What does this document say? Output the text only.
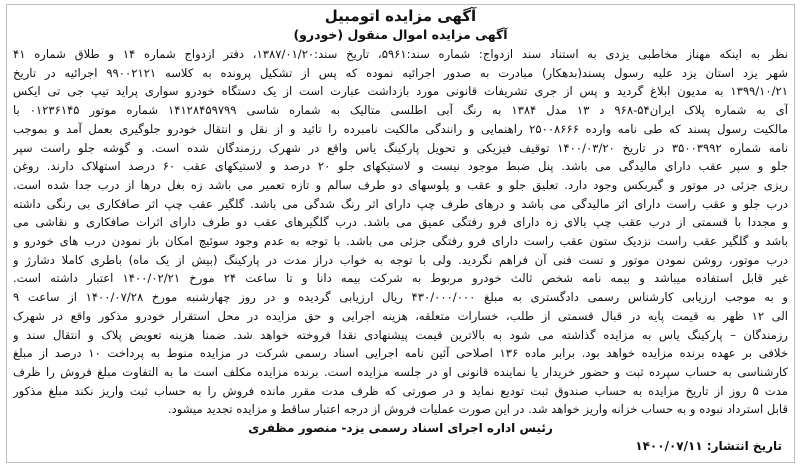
آگهی مزایده اتومبیل
آگهی مزایده اموال منقول (خودرو)
نظر به اینکه مهناز مخاطبی یزدی به استناد سند ازدواج: شماره سند:۵۹۶۱، تاریخ سند:۱۳۸۷/۰۱/۲۰، دفتر ازدواج شماره ۱۴ و طلاق شماره ۴۱
شهر یزد استان یزد علیه رسول پسند(بدهکار) مبادرت به صدور اجرائیه نموده که پس از تشکیل پرونده به کلاسه ۹۹۰۰۲۱۲۱ اجرائیه در تاریخ
۱۳۹۹/۱۰/۲۱ به مدیون ابلاغ گردید و پس از جری تشریفات قانونی مورد بازداشت عبارت است از یک دستگاه خودرو سواری پراید تیپ جی تی ایکس
آی به شماره پلاک ایران۵۴-۹۶۸ د ۱۳ مدل ۱۳۸۴ به رنگ آبی اطلسی متالیک به شماره شاسی ۱۴۱۲۸۴۵۹۷۹۹ شماره موتور ۰۱۲۳۶۱۴۵ با
مالکیت رسول پسند که طی نامه وارده ۲۵۰۰۸۶۶۶ راهنمایی و رانندگی مالکیت نامبرده را تائید و از نقل و انتقال خودرو جلوگیری بعمل آمد و بموجب
نامه شماره ۳۵۰۰۳۹۹۲ در تاریخ ۱۴۰۰/۰۳/۲۰ توقیف فیزیکی و تحویل پارکینگ یاس واقع در شهرک رزمندگان شده است. و گوشه جلو راست سپر
جلو و سپر عقب دارای مالیدگی می باشد. پنل ضبط موجود نیست و لاستیکهای جلو ۲۰ درصد و لاستیکهای عقب ۶۰ درصد استهلاک دارند. روغن
ریزی جزئی در موتور و گیربکس وجود دارد. تعلیق جلو و عقب و پلوسهای دو طرف سالم و تازه تعمیر می باشد زه بغل درها از درب جدا شده است.
درب جلو و عقب راست دارای اثر مالیدگی می باشد و درهای طرف چپ دارای اثر رنگ شدگی می باشد. گلگیر عقب چپ اثر صافکاری بی رنگی داشته
و مجددا با قسمتی از درب عقب چپ بالای زه دارای فرو رفتگی عمیق می باشد. درب گلگیرهای عقب دو طرف دارای اثرات صافکاری و نقاشی می
باشد و گلگیر عقب راست نزدیک ستون عقب راست دارای فرو رفتگی جزئی می باشد. با توجه به عدم وجود سوئیچ امکان باز نمودن درب های خودرو و
درب موتور، روشن نمودن موتور و تست فنی آن فراهم نگردید. ولی با توجه به خواب دراز مدت در پارکینگ (بیش از یک ماه) باطری کاملا دشارژ و
غیر قابل استفاده میباشد و بیمه نامه شخص ثالث خودرو مربوط به شرکت بیمه دانا و تا ساعت ۲۴ مورخ ۱۴۰۰/۰۲/۲۱ اعتبار داشته است.
و به موجب ارزیابی کارشناس رسمی دادگستری به مبلغ ۴۳۰/۰۰۰/۰۰۰ ریال ارزیابی گردیده و در روز چهارشنبه مورخ ۱۴۰۰/۰۷/۲۸ از ساعت ۹
الی ۱۲ ظهر به قیمت پایه در قبال قسمتی از طلب، خسارات متعلقه، هزینه اجرایی و حق مزایده در محل استقرار خودرو مذکور واقع در شهرک
رزمندگان – پارکینگ یاس به مزایده گذاشته می شود به بالاترین قیمت پیشنهادی نقدا فروخته خواهد شد. ضمنا هزینه تعویض پلاک و انتقال سند و
خلافی بر عهده برنده مزایده خواهد بود. برابر ماده ۱۳۶ اصلاحی آئین نامه اجرایی اسناد رسمی شرکت در مزایده منوط به پرداخت ۱۰ درصد از مبلغ
کارشناسی به حساب سپرده ثبت و حضور خریدار یا نماینده قانونی او در جلسه مزایده است. برنده مزایده مکلف است ما به التفاوت مبلغ فروش را ظرف
مدت ۵ روز از تاریخ مزایده به حساب صندوق ثبت تودیع نماید و در صورتی که ظرف مدت مقرر مانده فروش را به حساب ثبت واریز نکند مبلغ مذکور
قابل استرداد نبوده و به حساب خزانه واریز خواهد شد. در این صورت عملیات فروش از درجه اعتبار ساقط و مزایده تجدید میشود.
رئیس اداره اجرای اسناد رسمی یزد- منصور مظفری
تاریخ انتشار: ۱۴۰۰/۰۷/۱۱
